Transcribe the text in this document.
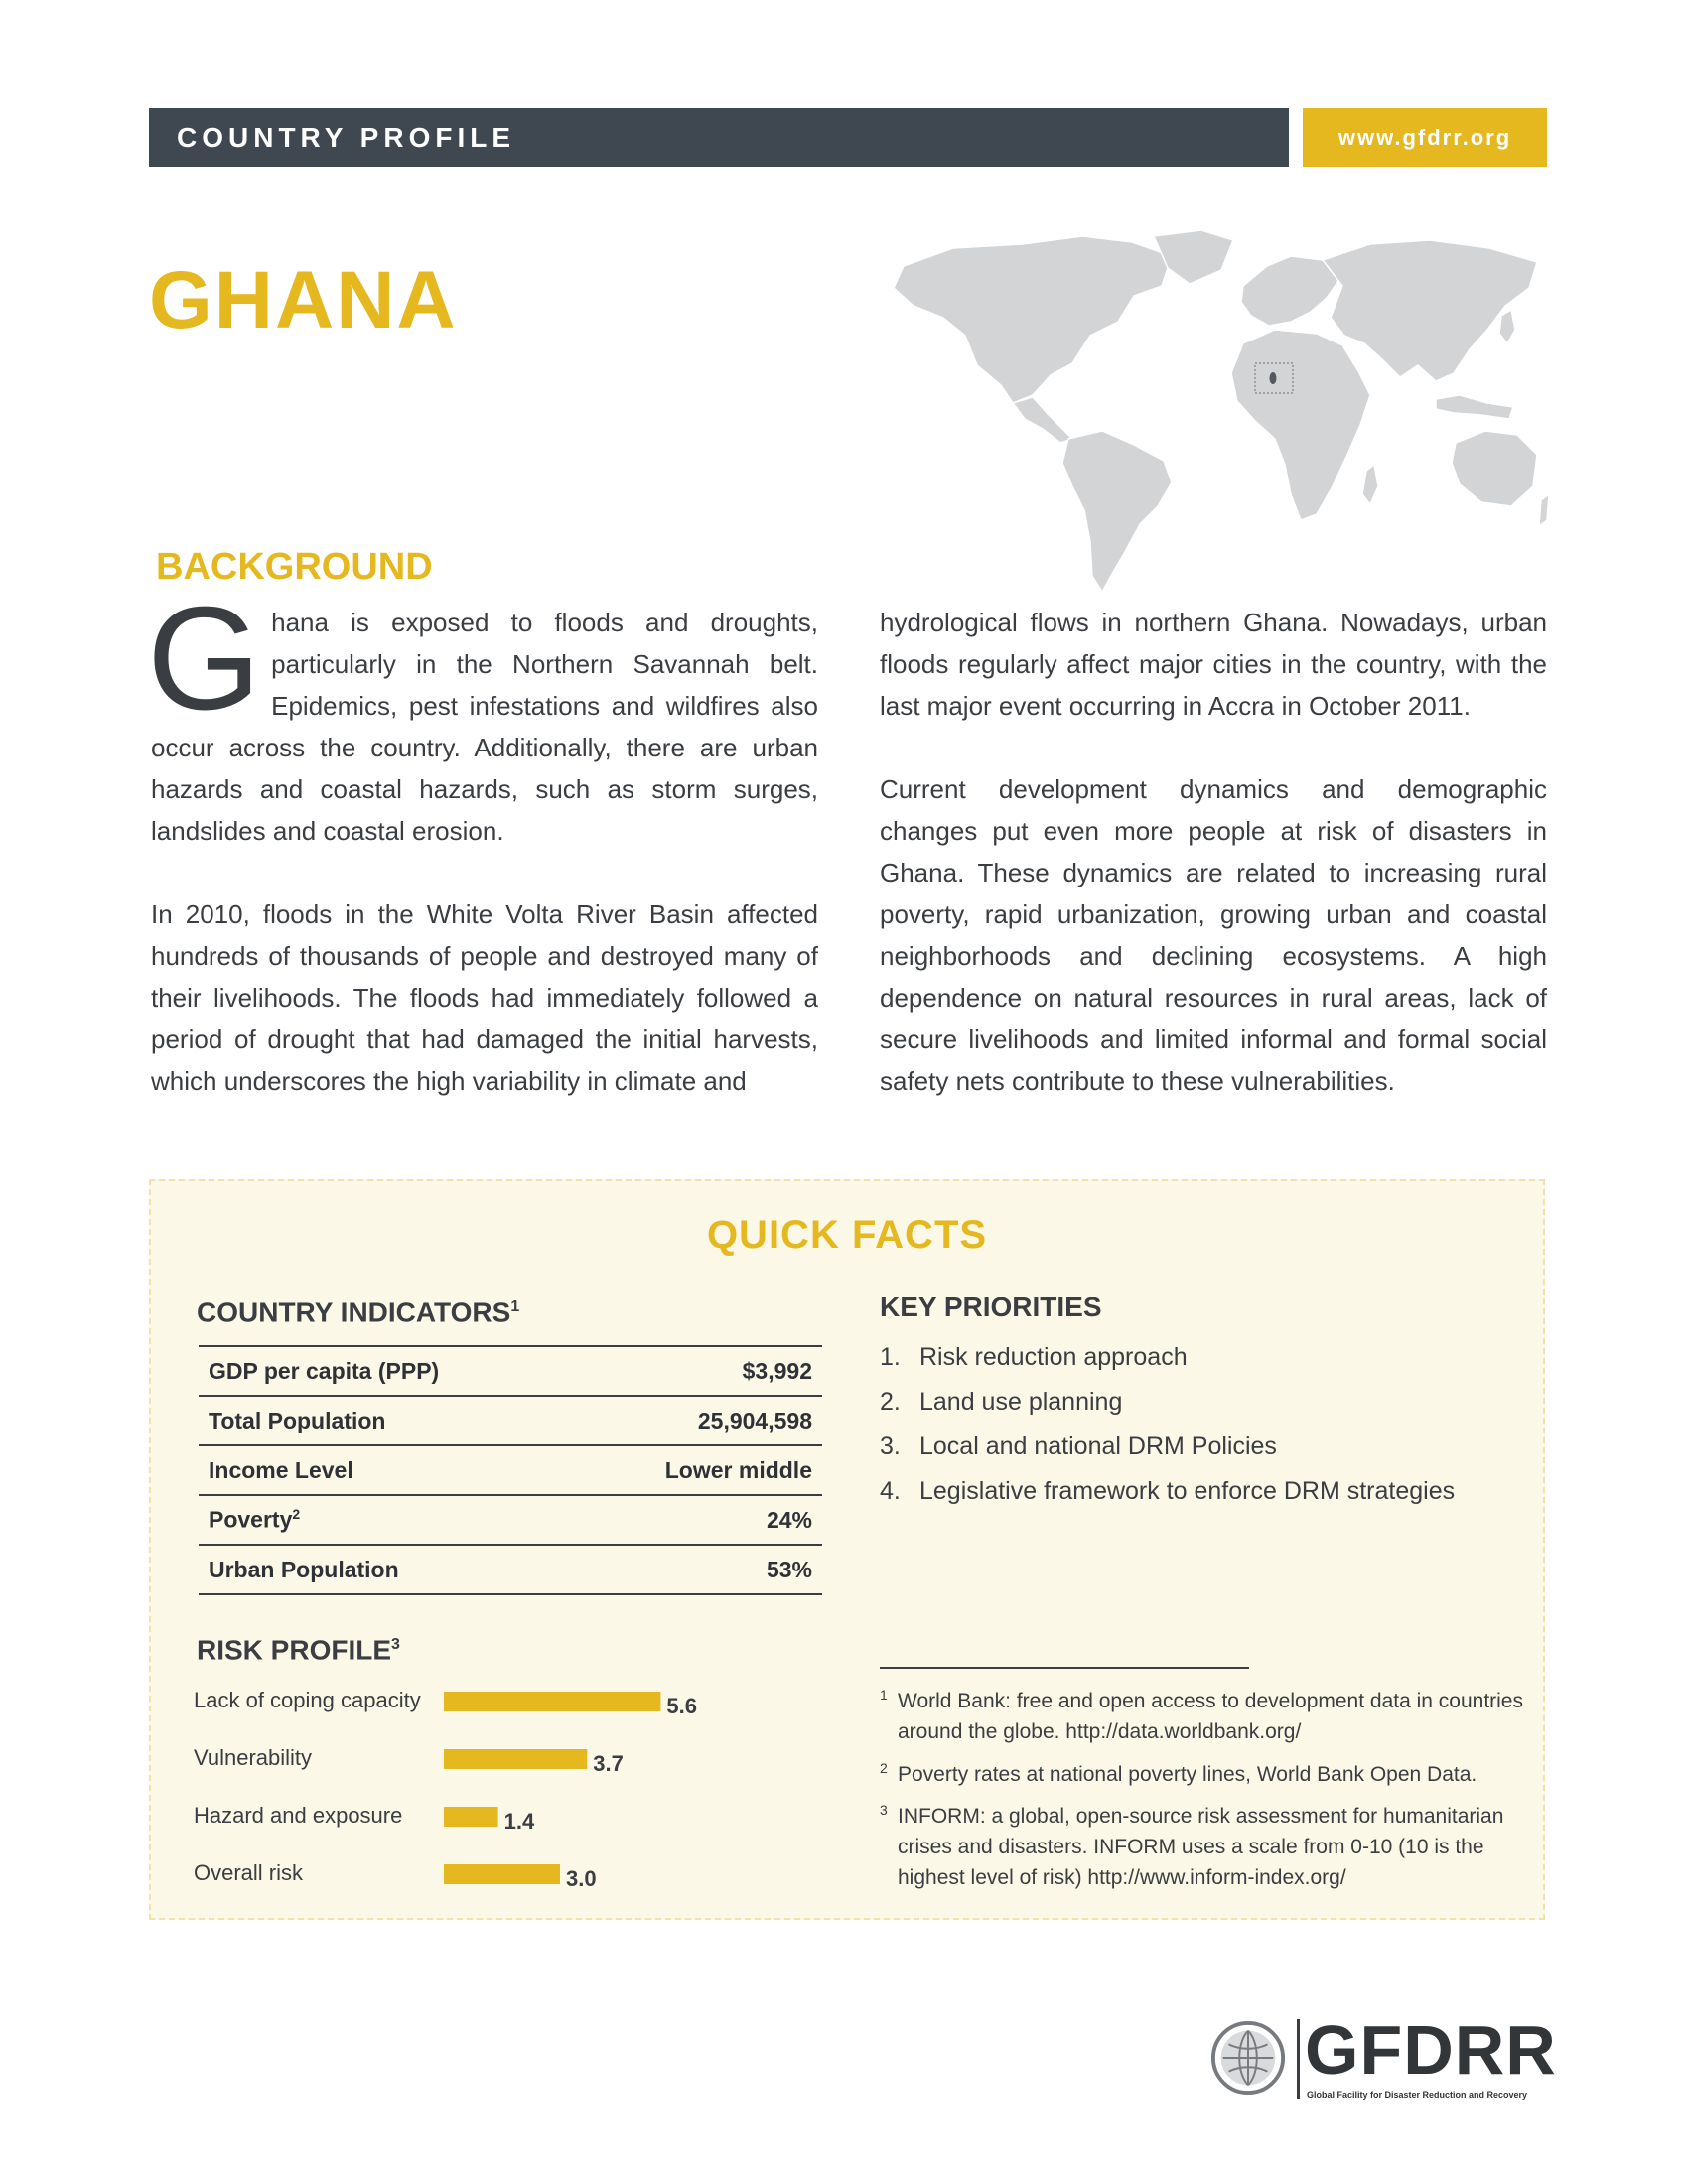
COUNTRY PROFILE	www.gfdrr.org
GHANA
BACKGROUND

Ghana is exposed to floods and droughts, particularly in the Northern Savannah belt. Epidemics, pest infestations and wildfires also occur across the country. Additionally, there are urban hazards and coastal hazards, such as storm surges, landslides and coastal erosion.

In 2010, floods in the White Volta River Basin affected hundreds of thousands of people and destroyed many of their livelihoods. The floods had immediately followed a period of drought that had damaged the initial harvests, which underscores the high variability in climate and

hydrological flows in northern Ghana. Nowadays, urban floods regularly affect major cities in the country, with the last major event occurring in Accra in October 2011.

Current development dynamics and demographic changes put even more people at risk of disasters in Ghana. These dynamics are related to increasing rural poverty, rapid urbanization, growing urban and coastal neighborhoods and declining ecosystems. A high dependence on natural resources in rural areas, lack of secure livelihoods and limited informal and formal social safety nets contribute to these vulnerabilities.

QUICK FACTS
COUNTRY INDICATORS$^1$
GDP per capita (PPP)	$3,992
Total Population	25,904,598
Income Level	Lower middle
Poverty$^2$	24%
Urban Population	53%
KEY PRIORITIES
1. Risk reduction approach
2. Land use planning
3. Local and national DRM Policies
4. Legislative framework to enforce DRM strategies
RISK PROFILE$^3$
Lack of coping capacity	5.6
Vulnerability	3.7
Hazard and exposure	1.4
Overall risk	3.0
1 World Bank: free and open access to development data in countries around the globe. http://data.worldbank.org/
2 Poverty rates at national poverty lines, World Bank Open Data.
3 INFORM: a global, open-source risk assessment for humanitarian crises and disasters. INFORM uses a scale from 0-10 (10 is the highest level of risk) http://www.inform-index.org/
GFDRR
Global Facility for Disaster Reduction and Recovery
